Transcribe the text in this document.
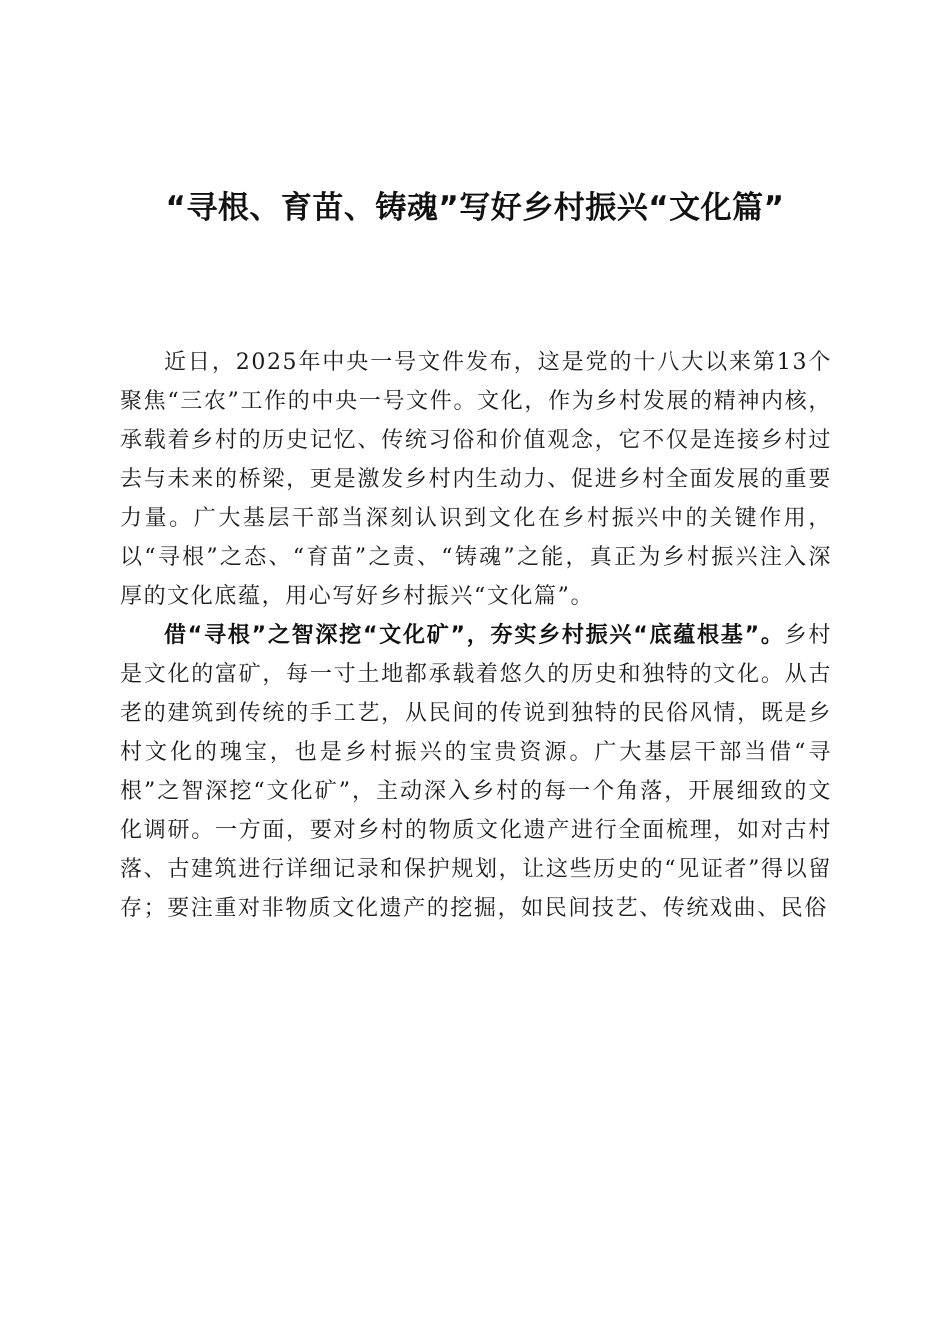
“寻根、育苗、铸魂”写好乡村振兴“文化篇”

近日，2025年中央一号文件发布，这是党的十八大以来第13个聚焦“三农”工作的中央一号文件。文化，作为乡村发展的精神内核，承载着乡村的历史记忆、传统习俗和价值观念，它不仅是连接乡村过去与未来的桥梁，更是激发乡村内生动力、促进乡村全面发展的重要力量。广大基层干部当深刻认识到文化在乡村振兴中的关键作用，以“寻根”之态、“育苗”之责、“铸魂”之能，真正为乡村振兴注入深厚的文化底蕴，用心写好乡村振兴“文化篇”。

借“寻根”之智深挖“文化矿”，夯实乡村振兴“底蕴根基”。乡村是文化的富矿，每一寸土地都承载着悠久的历史和独特的文化。从古老的建筑到传统的手工艺，从民间的传说到独特的民俗风情，既是乡村文化的瑰宝，也是乡村振兴的宝贵资源。广大基层干部当借“寻根”之智深挖“文化矿”，主动深入乡村的每一个角落，开展细致的文化调研。一方面，要对乡村的物质文化遗产进行全面梳理，如对古村落、古建筑进行详细记录和保护规划，让这些历史的“见证者”得以留存；要注重对非物质文化遗产的挖掘，如民间技艺、传统戏曲、民俗
